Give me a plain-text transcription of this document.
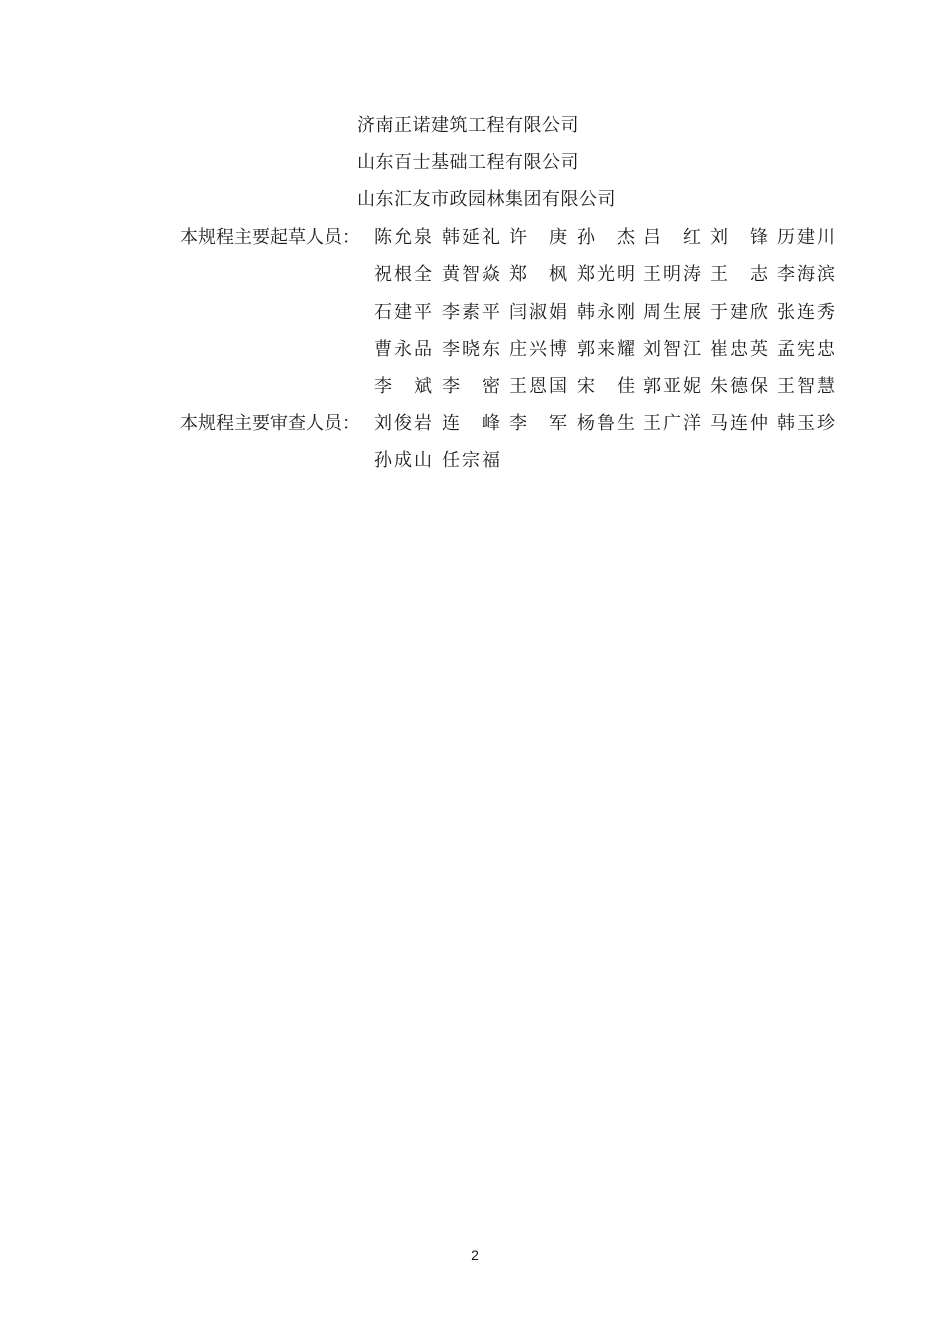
济南正诺建筑工程有限公司
山东百士基础工程有限公司
山东汇友市政园林集团有限公司
本规程主要起草人员： 陈 允 泉 韩 延 礼 许 庚 孙 杰 吕 红 刘 锋 历 建 川
祝 根 全 黄 智 焱 郑 枫 郑 光 明 王 明 涛 王 志 李 海 滨
石 建 平 李 素 平 闫 淑 娟 韩 永 刚 周 生 展 于 建 欣 张 连 秀
曹 永 品 李 晓 东 庄 兴 博 郭 来 耀 刘 智 江 崔 忠 英 孟 宪 忠
李 斌 李 密 王 恩 国 宋 佳 郭 亚 妮 朱 德 保 王 智 慧
本规程主要审查人员： 刘 俊 岩 连 峰 李 军 杨 鲁 生 王 广 洋 马 连 仲 韩 玉 珍
孙 成 山 任 宗 福
2
